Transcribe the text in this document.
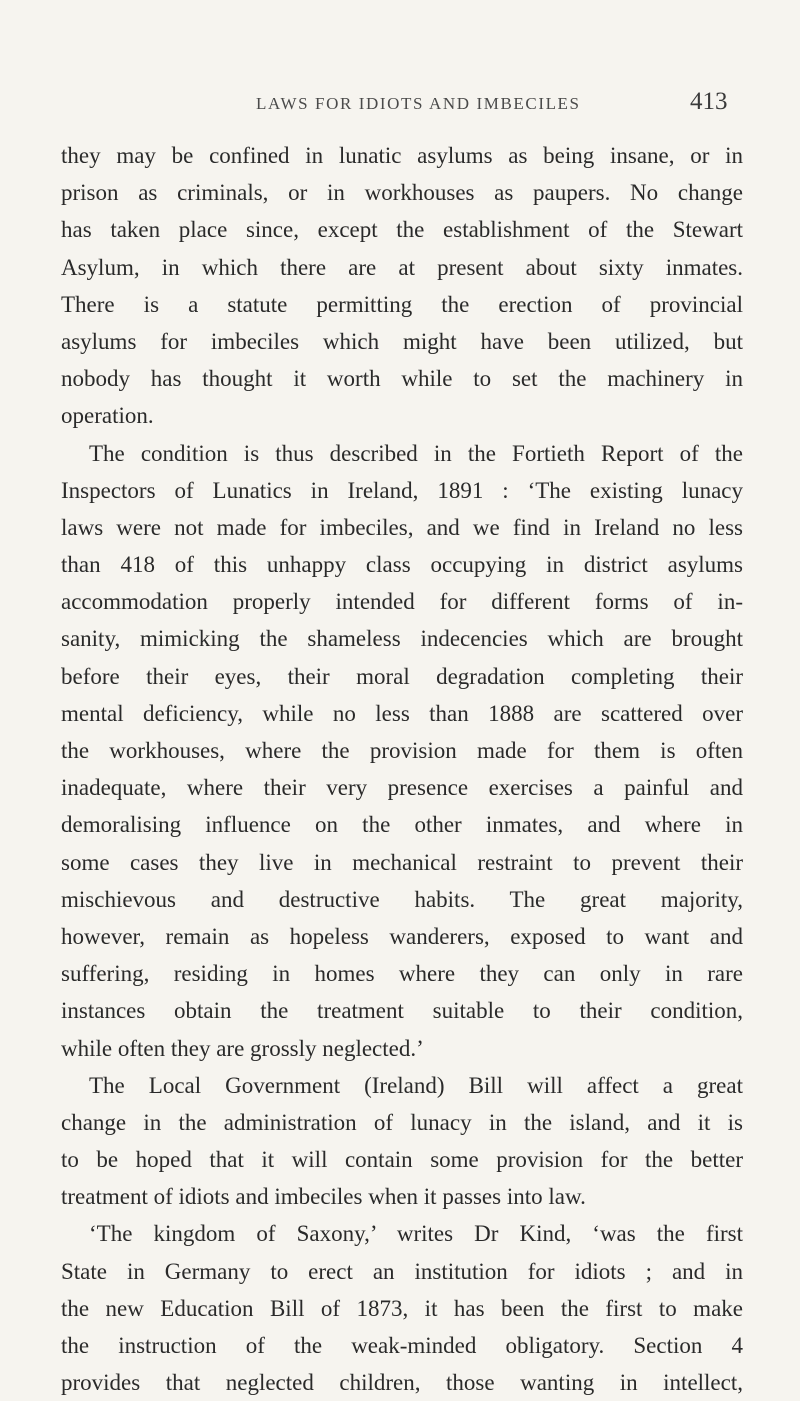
LAWS FOR IDIOTS AND IMBECILES	413
they may be confined in lunatic asylums as being insane, or in
prison as criminals, or in workhouses as paupers. No change
has taken place since, except the establishment of the Stewart
Asylum, in which there are at present about sixty inmates.
There is a statute permitting the erection of provincial
asylums for imbeciles which might have been utilized, but
nobody has thought it worth while to set the machinery in
operation.
The condition is thus described in the Fortieth Report of the
Inspectors of Lunatics in Ireland, 1891 : ‘The existing lunacy
laws were not made for imbeciles, and we find in Ireland no less
than 418 of this unhappy class occupying in district asylums
accommodation properly intended for different forms of in-
sanity, mimicking the shameless indecencies which are brought
before their eyes, their moral degradation completing their
mental deficiency, while no less than 1888 are scattered over
the workhouses, where the provision made for them is often
inadequate, where their very presence exercises a painful and
demoralising influence on the other inmates, and where in
some cases they live in mechanical restraint to prevent their
mischievous and destructive habits. The great majority,
however, remain as hopeless wanderers, exposed to want and
suffering, residing in homes where they can only in rare
instances obtain the treatment suitable to their condition,
while often they are grossly neglected.’
The Local Government (Ireland) Bill will affect a great
change in the administration of lunacy in the island, and it is
to be hoped that it will contain some provision for the better
treatment of idiots and imbeciles when it passes into law.
‘The kingdom of Saxony,’ writes Dr Kind, ‘was the first
State in Germany to erect an institution for idiots ; and in
the new Education Bill of 1873, it has been the first to make
the instruction of the weak-minded obligatory. Section 4
provides that neglected children, those wanting in intellect,
